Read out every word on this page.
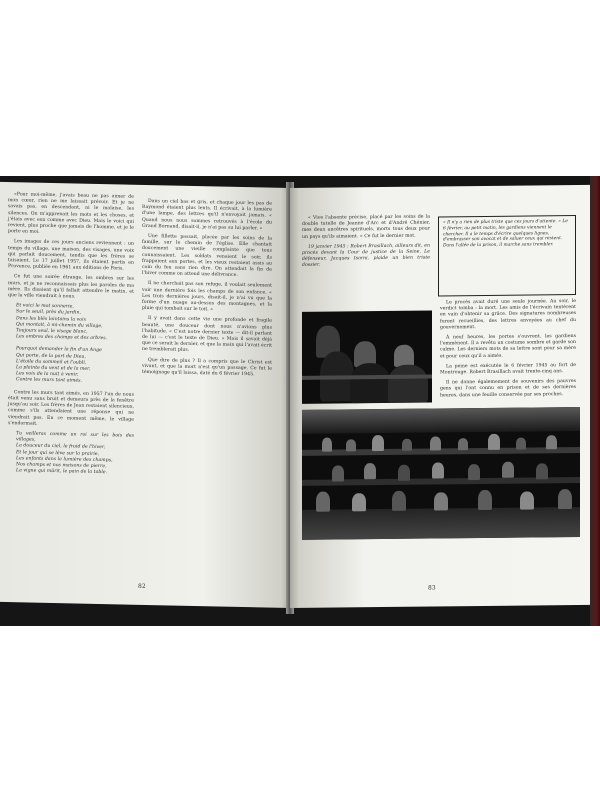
«Pour moi-même, j'avais beau ne pas aimer de mon cœur, rien ne me laissait prévoir. Et je ne savais pas, en descendant, ni le malaise, les silences. On m'apprenait les mots et les choses, et j'étais avec eux comme avec Dieu. Mais le voici qui revient, plus proche que jamais de l'homme, et je le porte en moi.

Les images de ces jours anciens reviennent : un temps du village, une maison, des visages, une voix qui parlait doucement, tandis que les frères se taisaient. Le 17 juillet 1957, ils étaient partis en Provence, publiée en 1961 aux éditions de Paris.

Ce fut une soirée étrange, les ombres sur les murs, et je ne reconnaissais plus les paroles de ma mère. Ils disaient qu'il fallait attendre le matin, et que la ville viendrait à nous.

Et voici le mot sonnerie,
Sur le seuil, près du jardin,
Dans les blés lointains la voix
Qui montait, à mi-chemin du village,
Toujours seul, le visage blanc,
Les ombres des champs et des arbres.
Pourquoi demander la fin d'un Ange
Qui porte, de la part de Dieu,
L'étoile du sommeil et l'oubli,
La plainte du vent et de la mer,
Les voix de la nuit à venir,
Contre les murs tant aimés.

Contre les murs tant aimés, en 1957 l'un de nous était venu sans bruit et demeura près de la fenêtre jusqu'au soir. Les frères de Jean restaient silencieux, comme s'ils attendaient une réponse qui ne viendrait pas. En ce moment même, le village s'endormait.

Tu veilleras comme un roi sur les bois des villages,
La douceur du ciel, le froid de l'hiver,
Et le jour qui se lève sur la prairie,
Les enfants dans la lumière des champs,
Nos champs et nos maisons de pierre,
La vigne qui mûrit, le pain de la table.

Dans un ciel bas et gris, et chaque jour les pas de Raymond étaient plus lents. Il écrivait, à la lumière d'une lampe, des lettres qu'il n'envoyait jamais. « Quand nous nous sommes retrouvés à l'école du Grand Bornand, disait-il, je n'ai pas su lui parler. »

Une fillette passait, placée par les soins de la famille, sur le chemin de l'église. Elle chantait doucement une vieille complainte que tous connaissaient. Les soldats venaient le soir, ils frappaient aux portes, et les vieux restaient assis au coin du feu sans rien dire. On attendait la fin de l'hiver comme on attend une délivrance.

Il ne cherchait pas son refuge, il voulait seulement voir une dernière fois les champs de son enfance. « Les trois dernières jours, disait-il, je n'ai vu que la forme d'un nuage au-dessus des montagnes, et la pluie qui tombait sur le toit. »

Il y avait dans cette vie une profonde et fragile beauté, une douceur dont nous n'avions plus l'habitude. « C'est notre dernier texte — dit-il parlant de lui — c'est le texte de Dieu. » Mais il savait déjà que ce serait le dernier, et que la main qui l'avait écrit ne tremblerait plus.

Que dire de plus ? Il a compris que le Christ est vivant, et que la mort n'est qu'un passage. Ce fut le témoignage qu'il laissa, daté du 6 février 1945.

82

« Vive l'absente précise, placé par les soins de la double tutelle de Jeanne d'Arc et d'André Chénier, mes deux ancêtres spirituels, morts tous deux pour un pays qu'ils aimaient. » Ce fut le dernier mot.

19 janvier 1945 : Robert Brasillach, ailleurs dit, en procès devant la Cour de justice de la Seine. Le défenseur, Jacques Isorni, plaide un bien triste dossier.

« Il n'y a rien de plus triste que ces jours d'attente. » Le 6 février, au petit matin, les gardiens viennent le chercher. Il a le temps d'écrire quelques lignes, d'embrasser son avocat et de saluer ceux qui restent. Dans l'allée de la prison, il marche sans trembler.

Le procès avait duré une seule journée. Au soir, le verdict tomba : la mort. Les amis de l'écrivain tentèrent en vain d'obtenir sa grâce. Des signatures nombreuses furent recueillies, des lettres envoyées au chef du gouvernement.

À neuf heures, les portes s'ouvrent, les gardiens l'emmènent. Il a revêtu un costume sombre et garde son calme. Les derniers mots de sa lettre sont pour sa mère et pour ceux qu'il a aimés.

La peine est exécutée le 6 février 1945 au fort de Montrouge. Robert Brasillach avait trente-cinq ans.

Il ne donne égalemement de souvenirs des pauvres gens qui l'ont connu en prison et de ses dernières heures, dans une feuille conservée par ses proches.

83
